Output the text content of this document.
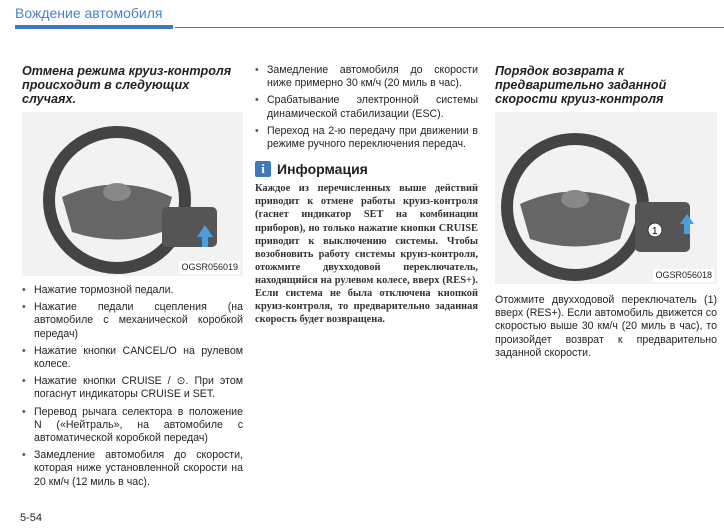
Вождение автомобиля
Отмена режима круиз-контроля происходит в следующих случаях.
OGSR056019
• Нажатие тормозной педали.
• Нажатие педали сцепления (на автомобиле с механической коробкой передач)
• Нажатие кнопки CANCEL/O на рулевом колесе.
• Нажатие кнопки CRUISE / ⊙. При этом погаснут индикаторы CRUISE и SET.
• Перевод рычага селектора в положение N («Нейтраль», на автомобиле с автоматической коробкой передач)
• Замедление автомобиля до скорости, которая ниже установленной скорости на 20 км/ч (12 миль в час).
• Замедление автомобиля до скорости ниже примерно 30 км/ч (20 миль в час).
• Срабатывание электронной системы динамической стабилизации (ESC).
• Переход на 2-ю передачу при движении в режиме ручного переключения передач.
i Информация
Каждое из перечисленных выше действий приводит к отмене работы круиз-контроля (гаснет индикатор SET на комбинации приборов), но только нажатие кнопки CRUISE приводит к выключению системы. Чтобы возобновить работу системы круиз-контроля, отожмите двухходовой переключатель, находящийся на рулевом колесе, вверх (RES+). Если система не была отключена кнопкой круиз-контроля, то предварительно заданная скорость будет возвращена.
Порядок возврата к предварительно заданной скорости круиз-контроля
1
OGSR056018

Отожмите двухходовой переключатель (1) вверх (RES+). Если автомобиль движется со скоростью выше 30 км/ч (20 миль в час), то произойдет возврат к предварительно заданной скорости.

5-54
